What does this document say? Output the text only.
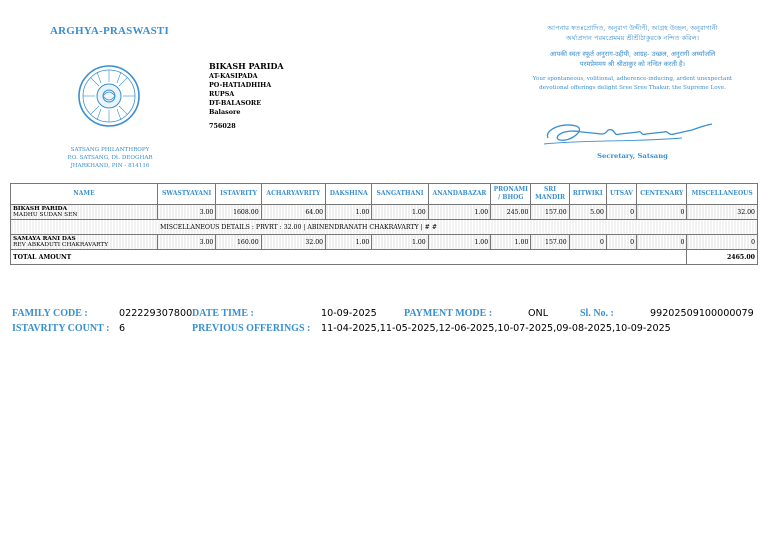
ARGHYA-PRASWASTI
SATSANG PHILANTHROPY
P.O. SATSANG, Dt. DEOGHAR
JHARKHAND, PIN - 814116
BIKASH PARIDA
AT-KASIPADA
PO-HATIADHIHA
RUPSA
DT-BALASORE
Balasore
756028
আপনার স্বতঃপ্রোদিত, অনুরাগ উদ্দীপী, আগ্রহ উচ্ছল, অনুরাগানী
অর্ঘ্যপ্রদান পরমপ্রেমময় শ্রীশ্রীঠাকুরকে নন্দিত করিল।
आपकी स्वतः स्फूर्त अनुराग-उद्दीपी, आग्रह- उच्छल, अनुरागी अर्घ्यांजलि
परमप्रेममय श्री श्रीठाकुर को नन्दित करती है।
Your spontaneous, volitional, adherence-inducing, ardent unexpectant
devotional offerings delight Sree Sree Thakur, the Supreme Love.
Secretary, Satsang
NAME	SWASTYAYANI	ISTAVRITY	ACHARYAVRITY	DAKSHINA	SANGATHANI	ANANDABAZAR	PRONAMI / BHOG	SRI MANDIR	RITWIKI	UTSAV	CENTENARY	MISCELLANEOUS

BIKASH PARIDA
MADHU SUDAN SEN	3.00	1608.00	64.00	1.00	1.00	1.00	245.00	157.00	5.00	0	0	32.00
MISCELLANEOUS DETAILS : PRVRT : 32.00 | ABINENDRANATH CHAKRAVARTY | # #												

SAMAYA RANI DAS
REV ABKADUTI CHAKRAVARTY	3.00	160.00	32.00	1.00	1.00	1.00	1.00	157.00	0	0	0	0
TOTAL AMOUNT												2465.00
FAMILY CODE :	022229307800 DATE TIME :	10-09-2025	PAYMENT MODE :	ONL	Sl. No. :	99202509100000079
ISTAVRITY COUNT : 6	PREVIOUS OFFERINGS : 11-04-2025,11-05-2025,12-06-2025,10-07-2025,09-08-2025,10-09-2025
